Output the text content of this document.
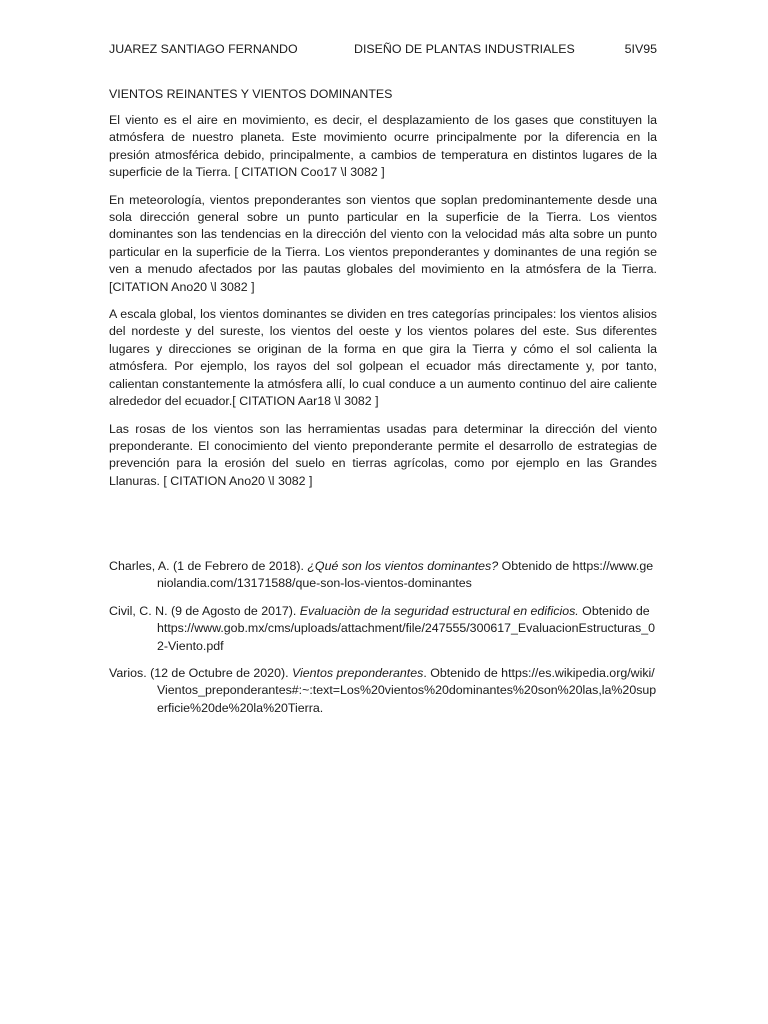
JUAREZ SANTIAGO FERNANDO	DISEÑO DE PLANTAS INDUSTRIALES	5IV95
VIENTOS REINANTES Y VIENTOS DOMINANTES

El viento es el aire en movimiento, es decir, el desplazamiento de los gases que constituyen la atmósfera de nuestro planeta. Este movimiento ocurre principalmente por la diferencia en la presión atmosférica debido, principalmente, a cambios de temperatura en distintos lugares de la superficie de la Tierra. [ CITATION Coo17 \l 3082 ]

En meteorología, vientos preponderantes son vientos que soplan predominantemente desde una sola dirección general sobre un punto particular en la superficie de la Tierra. Los vientos dominantes son las tendencias en la dirección del viento con la velocidad más alta sobre un punto particular en la superficie de la Tierra. Los vientos preponderantes y dominantes de una región se ven a menudo afectados por las pautas globales del movimiento en la atmósfera de la Tierra. [CITATION Ano20 \l 3082 ]

A escala global, los vientos dominantes se dividen en tres categorías principales: los vientos alisios del nordeste y del sureste, los vientos del oeste y los vientos polares del este. Sus diferentes lugares y direcciones se originan de la forma en que gira la Tierra y cómo el sol calienta la atmósfera. Por ejemplo, los rayos del sol golpean el ecuador más directamente y, por tanto, calientan constantemente la atmósfera allí, lo cual conduce a un aumento continuo del aire caliente alrededor del ecuador.[ CITATION Aar18 \l 3082 ]

Las rosas de los vientos son las herramientas usadas para determinar la dirección del viento preponderante. El conocimiento del viento preponderante permite el desarrollo de estrategias de prevención para la erosión del suelo en tierras agrícolas, como por ejemplo en las Grandes Llanuras. [ CITATION Ano20 \l 3082 ]

Charles, A. (1 de Febrero de 2018). ¿Qué son los vientos dominantes? Obtenido de https://www.geniolandia.com/13171588/que-son-los-vientos-dominantes

Civil, C. N. (9 de Agosto de 2017). Evaluaciòn de la seguridad estructural en edificios. Obtenido de https://www.gob.mx/cms/uploads/attachment/file/247555/300617_EvaluacionEstructuras_02-Viento.pdf

Varios. (12 de Octubre de 2020). Vientos preponderantes. Obtenido de https://es.wikipedia.org/wiki/Vientos_preponderantes#:~:text=Los%20vientos%20dominantes%20son%20las,la%20superficie%20de%20la%20Tierra.
